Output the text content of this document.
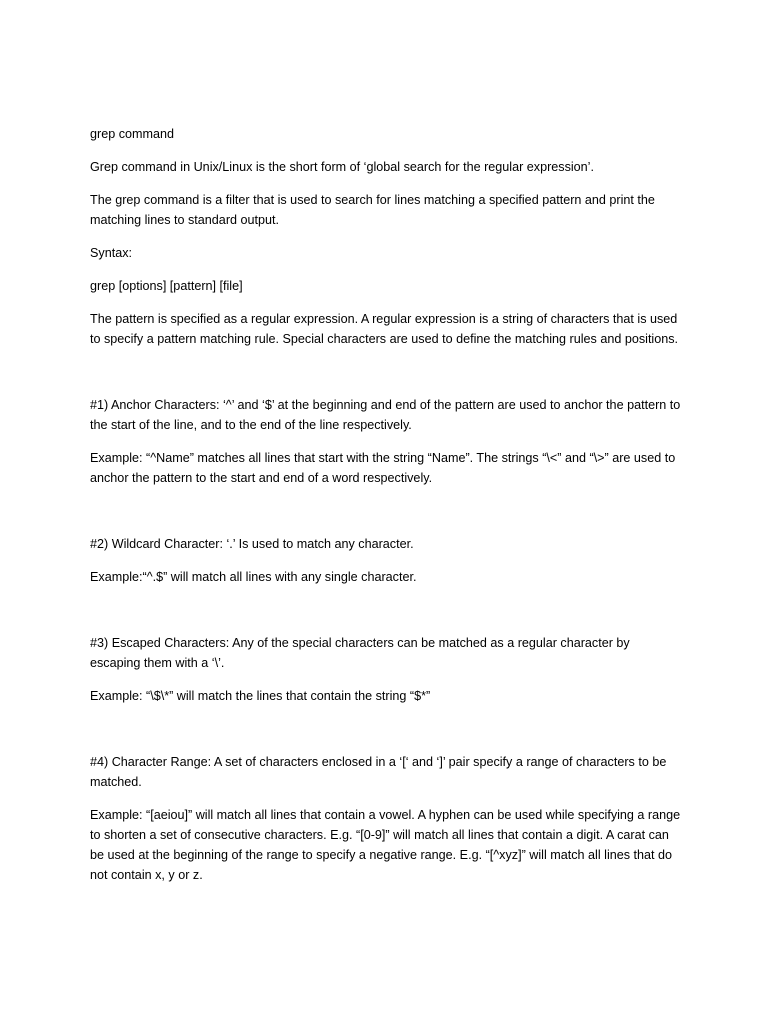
grep command

Grep command in Unix/Linux is the short form of ‘global search for the regular expression’.

The grep command is a filter that is used to search for lines matching a specified pattern and print the matching lines to standard output.

Syntax:

grep [options] [pattern] [file]

The pattern is specified as a regular expression. A regular expression is a string of characters that is used to specify a pattern matching rule. Special characters are used to define the matching rules and positions.

#1) Anchor Characters: ‘^’ and ‘$’ at the beginning and end of the pattern are used to anchor the pattern to the start of the line, and to the end of the line respectively.

Example: “^Name” matches all lines that start with the string “Name”. The strings “\<” and “\>” are used to anchor the pattern to the start and end of a word respectively.

#2) Wildcard Character: ‘.’ Is used to match any character.

Example:“^.$” will match all lines with any single character.

#3) Escaped Characters: Any of the special characters can be matched as a regular character by escaping them with a ‘\’.

Example: “\$\*” will match the lines that contain the string “$*”

#4) Character Range: A set of characters enclosed in a ‘[‘ and ‘]’ pair specify a range of characters to be matched.

Example: “[aeiou]” will match all lines that contain a vowel. A hyphen can be used while specifying a range to shorten a set of consecutive characters. E.g. “[0-9]” will match all lines that contain a digit. A carat can be used at the beginning of the range to specify a negative range. E.g. “[^xyz]” will match all lines that do not contain x, y or z.
